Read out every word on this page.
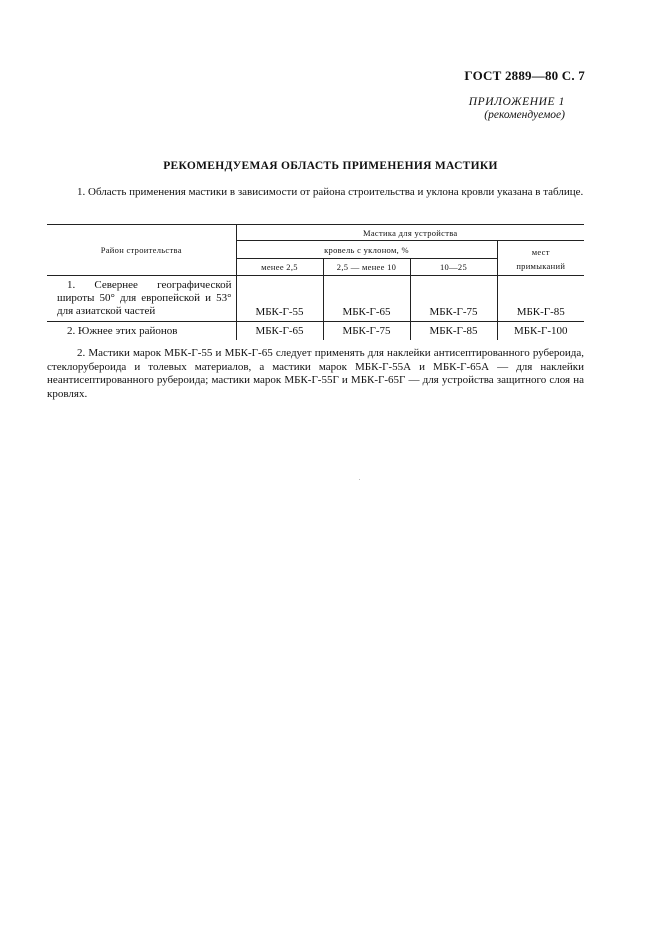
ГОСТ 2889—80 С. 7
ПРИЛОЖЕНИЕ 1
(рекомендуемое)
РЕКОМЕНДУЕМАЯ ОБЛАСТЬ ПРИМЕНЕНИЯ МАСТИКИ
1. Область применения мастики в зависимости от района строительства и уклона кровли указана в таблице.
Район строительства	Мастика для устройства			
	кровель с уклоном, %			мест примыканий
	менее 2,5	2,5 — менее 10	10—25	
1. Севернее географической широты 50° для европейской и 53° для азиатской частей	МБК-Г-55	МБК-Г-65	МБК-Г-75	МБК-Г-85
2. Южнее этих районов	МБК-Г-65	МБК-Г-75	МБК-Г-85	МБК-Г-100
2. Мастики марок МБК-Г-55 и МБК-Г-65 следует применять для наклейки антисептированного рубероида, стеклорубероида и толевых материалов, а мастики марок МБК-Г-55А и МБК-Г-65А — для наклейки неантисептированного рубероида; мастики марок МБК-Г-55Г и МБК-Г-65Г — для устройства защитного слоя на кровлях.
